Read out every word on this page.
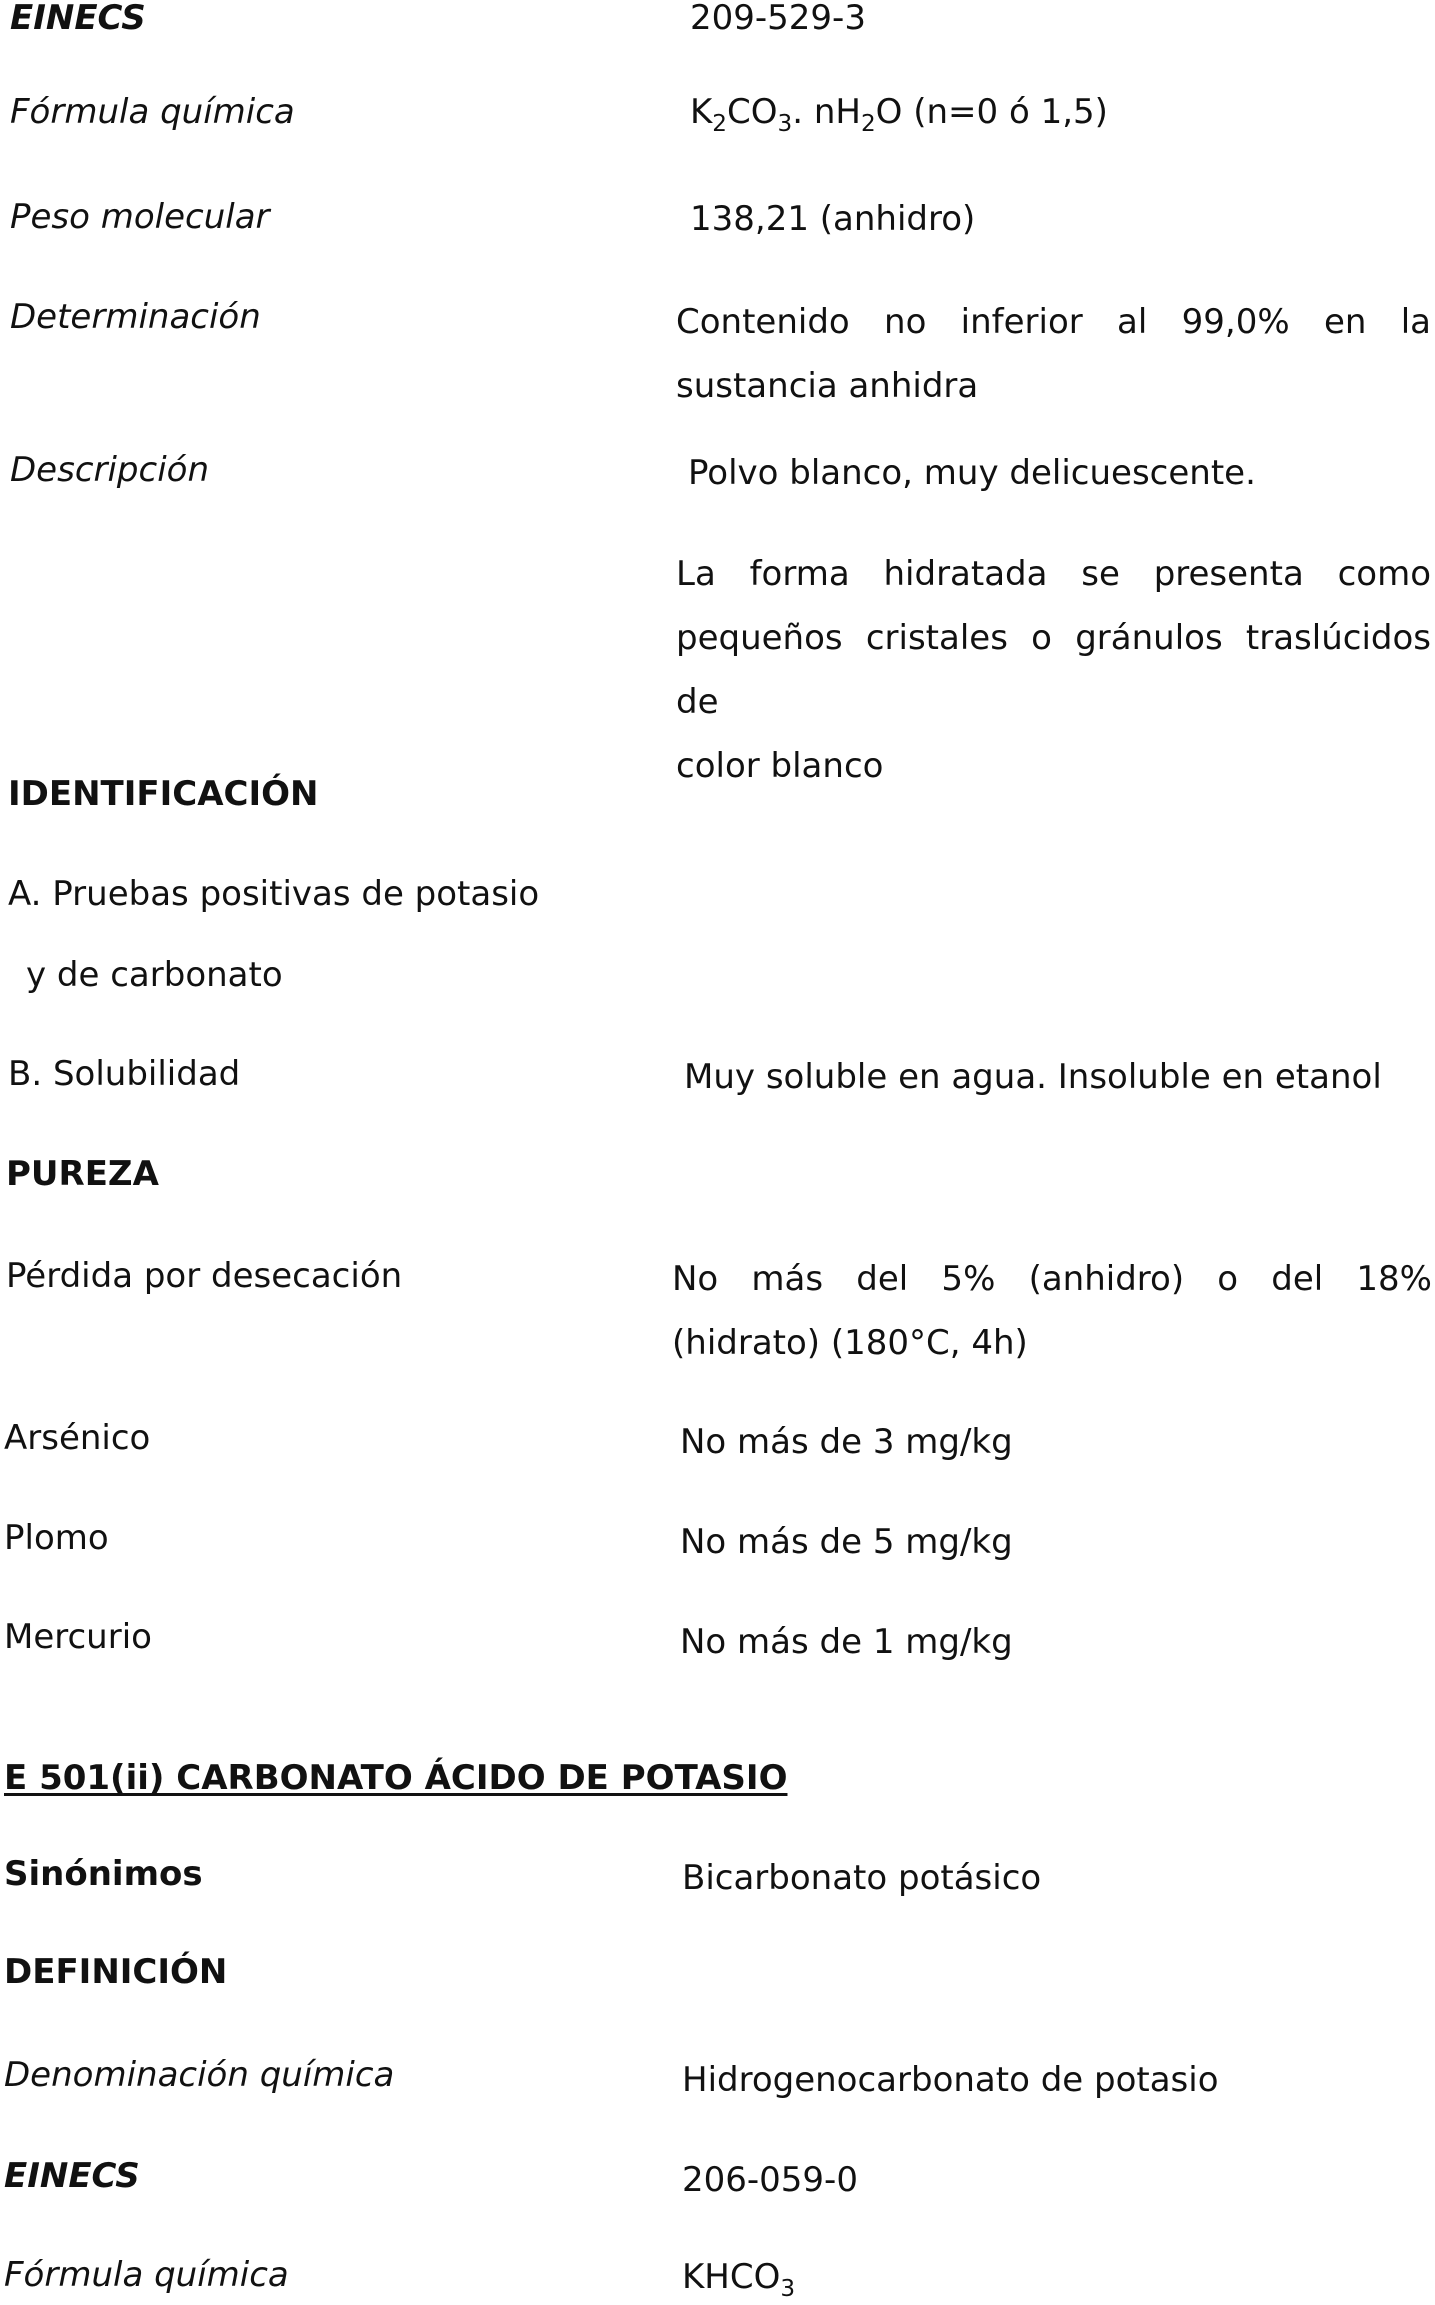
EINECS	209-529-3
Fórmula química	$K_2CO_3$. $nH_2O$ (n=0 ó 1,5)
Peso molecular	138,21 (anhidro)
Determinación	Contenido no inferior al 99,0% en la
sustancia anhidra
Descripción	Polvo blanco, muy delicuescente.
La forma hidratada se presenta como
pequeños cristales o gránulos traslúcidos de
color blanco
IDENTIFICACIÓN
A. Pruebas positivas de potasio
y de carbonato
B. Solubilidad	Muy soluble en agua. Insoluble en etanol
PUREZA
Pérdida por desecación	No más del 5% (anhidro) o del 18%
(hidrato) (180°C, 4h)
Arsénico	No más de 3 mg/kg
Plomo	No más de 5 mg/kg
Mercurio	No más de 1 mg/kg
E 501(ii) CARBONATO ÁCIDO DE POTASIO
Sinónimos	Bicarbonato potásico
DEFINICIÓN
Denominación química	Hidrogenocarbonato de potasio
EINECS	206-059-0
Fórmula química	$KHCO_3$
